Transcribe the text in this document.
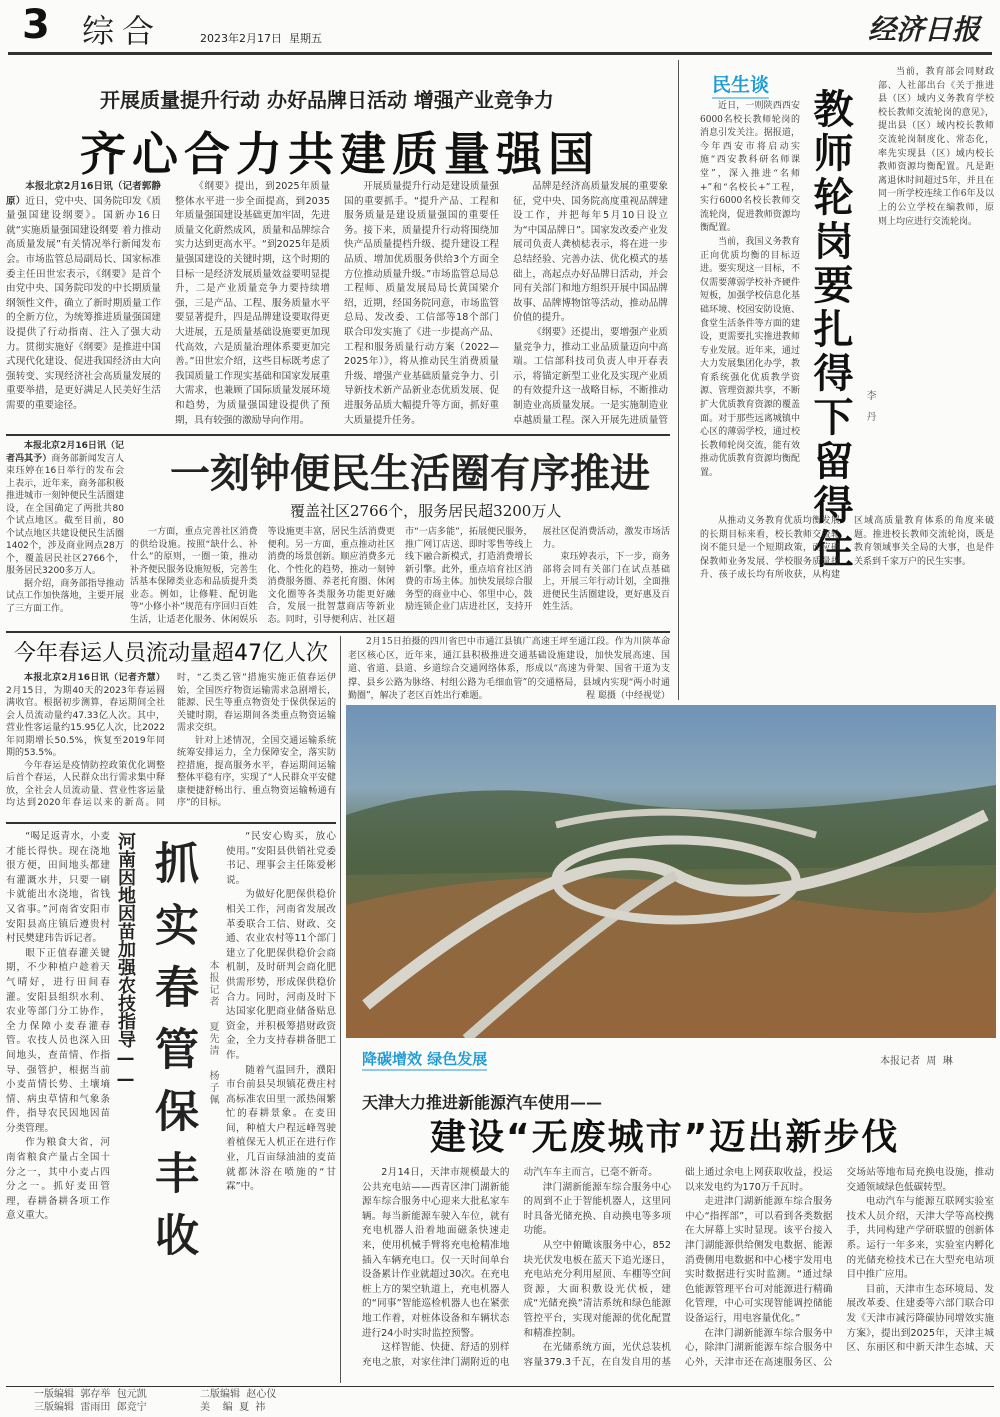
3 综合	2023年2月17日  星期五	经济日报
开展质量提升行动 办好品牌日活动 增强产业竞争力
齐心合力共建质量强国

本报北京2月16日讯（记者郭静原）近日，党中央、国务院印发《质量强国建设纲要》。国新办16日就“实施质量强国建设纲要 着力推动高质量发展”有关情况举行新闻发布会。市场监管总局副局长、国家标准委主任田世宏表示，《纲要》是首个由党中央、国务院印发的中长期质量纲领性文件，确立了新时期质量工作的全新方位，为统筹推进质量强国建设提供了行动指南、注入了强大动力。贯彻实施好《纲要》是推进中国式现代化建设、促进我国经济由大向强转变、实现经济社会高质量发展的重要举措，是更好满足人民美好生活需要的重要途径。

《纲要》提出，到2025年质量整体水平进一步全面提高，到2035年质量强国建设基础更加牢固，先进质量文化蔚然成风，质量和品牌综合实力达到更高水平。“到2025年是质量强国建设的关键时期，这个时期的目标一是经济发展质量效益要明显提升，二是产业质量竞争力要持续增强，三是产品、工程、服务质量水平要显著提升，四是品牌建设要取得更大进展，五是质量基础设施要更加现代高效，六是质量治理体系要更加完善。”田世宏介绍，这些目标既考虑了我国质量工作现实基础和国家发展重大需求，也兼顾了国际质量发展环境和趋势，为质量强国建设提供了预期，具有较强的激励导向作用。

开展质量提升行动是建设质量强国的重要抓手。“提升产品、工程和服务质量是建设质量强国的重要任务。接下来，质量提升行动将围绕加快产品质量提档升级、提升建设工程品质、增加优质服务供给3个方面全方位推动质量升级。”市场监管总局总工程师、质量发展局局长黄国梁介绍，近期，经国务院同意，市场监管总局、发改委、工信部等18个部门联合印发实施了《进一步提高产品、工程和服务质量行动方案（2022—2025年）》，将从推动民生消费质量升级、增强产业基础质量竞争力、引导新技术新产品新业态优质发展、促进服务品质大幅提升等方面，抓好重大质量提升任务。

品牌是经济高质量发展的重要象征，党中央、国务院高度重视品牌建设工作，并把每年5月10日设立为“中国品牌日”。国家发改委产业发展司负责人龚桢梽表示，将在进一步总结经验、完善办法、优化模式的基础上，高起点办好品牌日活动，并会同有关部门和地方组织开展中国品牌故事、品牌博物馆等活动，推动品牌价值的提升。

《纲要》还提出，要增强产业质量竞争力，推动工业品质量迈向中高端。工信部科技司负责人申开春表示，将锚定新型工业化及实现产业质的有效提升这一战略目标，不断推动制造业高质量发展。一是实施制造业卓越质量工程。深入开展先进质量管

本报北京2月16日讯（记者冯其予）商务部新闻发言人束珏婷在16日举行的发布会上表示，近年来，商务部积极推进城市一刻钟便民生活圈建设，在全国确定了两批共80个试点地区。截至目前，80个试点地区共建设便民生活圈1402个，涉及商业网点28万个，覆盖居民社区2766个，服务居民3200多万人。

据介绍，商务部指导推动试点工作加快落地，主要开展了三方面工作。

一刻钟便民生活圈有序推进
覆盖社区2766个，服务居民超3200万人

一方面，重点完善社区消费的供给设施。按照“缺什么、补什么”的原则，一圈一策，推动补齐便民服务设施短板，完善生活基本保障类业态和品质提升类业态。例如，让修鞋、配钥匙等“小修小补”规范有序回归百姓生活，让适老化服务、休闲娱乐等设施更丰富，居民生活消费更便利。另一方面，重点推动社区消费的场景创新。顺应消费多元化、个性化的趋势，推动一刻钟消费服务圈、养老托育圈、休闲文化圈等各类服务功能更好融合，发展一批智慧商店等新业态。同时，引导便利店、社区超市“一店多能”，拓展便民服务，推广网订店送、即时零售等线上线下融合新模式，打造消费增长新引擎。此外，重点培育社区消费的市场主体。加快发展综合服务型的商业中心、邻里中心，鼓励连锁企业门店进社区，支持开展社区促消费活动，激发市场活力。

束珏婷表示，下一步，商务部将会同有关部门在试点基础上，开展三年行动计划，全面推进便民生活圈建设，更好惠及百姓生活。

今年春运人员流动量超47亿人次

本报北京2月16日讯（记者齐慧）2月15日，为期40天的2023年春运圆满收官。根据初步测算，春运期间全社会人员流动量约47.33亿人次。其中，营业性客运量约15.95亿人次，比2022年同期增长50.5%，恢复至2019年同期的53.5%。

今年春运是疫情防控政策优化调整后首个春运，人民群众出行需求集中释放，全社会人员流动量、营业性客运量均达到2020年春运以来的新高。同时，“乙类乙管”措施实施正值春运伊始，全国医疗物资运输需求急剧增长，能源、民生等重点物资处于保供保运的关键时期，春运期间各类重点物资运输需求交织。

针对上述情况，全国交通运输系统统筹安排运力，全力保障安全，落实防控措施，提高服务水平，春运期间运输整体平稳有序，实现了“人民群众平安健康便捷舒畅出行、重点物资运输畅通有序”的目标。

2月15日拍摄的四川省巴中市通江县镇广高速王坪至通江段。作为川陕革命老区核心区，近年来，通江县积极推进交通基础设施建设，加快发展高速、国道、省道、县道、乡道综合交通网络体系，形成以“高速为骨架、国省干道为支撑、县乡公路为脉络、村组公路为毛细血管”的交通格局，县域内实现“两小时通勤圈”，解决了老区百姓出行难题。	程 聪摄（中经视觉）

民生谈
教师轮岗要扎得下留得住	李 丹

近日，一则陕西西安6000名校长教师轮岗的消息引发关注。据报道，今年西安市将启动实施“西安教科研名师课堂”，深入推进“名师+”和“名校长+”工程，实行6000名校长教师交流轮岗，促进教师资源均衡配置。

当前，我国义务教育正向优质均衡的目标迈进。要实现这一目标，不仅需要薄弱学校补齐硬件短板，加强学校信息化基础环境、校园安防设施、食堂生活条件等方面的建设，更需要扎实推进教师专业发展。近年来，通过大力发展集团化办学，教育系统强化优质教学资源、管理资源共享，不断扩大优质教育资源的覆盖面。对于那些远离城镇中心区的薄弱学校，通过校长教师轮岗交流，能有效推动优质教育资源均衡配置。

当前，教育部会同财政部、人社部出台《关于推进县（区）域内义务教育学校校长教师交流轮岗的意见》，提出县（区）域内校长教师交流轮岗制度化、常态化，率先实现县（区）域内校长教师资源均衡配置。凡是距离退休时间超过5年，并且在同一所学校连续工作6年及以上的公立学校在编教师，原则上均应进行交流轮岗。

从推动义务教育优质均衡发展的长期目标来看，校长教师交流轮岗不能只是一个短期政策，而应确保教师业务发展、学校服务质量提升、孩子成长均有所收获，从构建区域高质量教育体系的角度来破题。推进校长教师交流轮岗，既是教育领域事关全局的大事，也是件关系到千家万户的民生实事。

“喝足返青水，小麦才能长得快。现在浇地很方便，田间地头都建有灌溉水井，只要一刷卡就能出水浇地，省钱又省事。”河南省安阳市安阳县高庄镇后遵贵村村民樊建玮告诉记者。

眼下正值春灌关键期，不少种植户趁着天气晴好，进行田间春灌。安阳县组织水利、农业等部门分工协作，全力保障小麦春灌春管。农技人员也深入田间地头，查苗情、作指导、强管护，根据当前小麦苗情长势、土壤墒情、病虫草情和气象条件，指导农民因地因苗分类管理。

作为粮食大省，河南省粮食产量占全国十分之一，其中小麦占四分之一。抓好麦田管理，春耕备耕各项工作意义重大。

河南因地因苗加强农技指导—— 抓实春管保丰收 本报记者 夏先清 杨子佩

“民安心购买，放心使用。”安阳县供销社党委书记、理事会主任陈爱彬说。

为做好化肥保供稳价相关工作，河南省发展改革委联合工信、财政、交通、农业农村等11个部门建立了化肥保供稳价会商机制，及时研判会商化肥供需形势，形成保供稳价合力。同时，河南及时下达国家化肥商业储备贴息资金，并积极筹措财政资金，全力支持春耕备肥工作。

随着气温回升，濮阳市台前县吴坝镇花费庄村高标准农田里一派热闹繁忙的春耕景象。在麦田间，种植大户程远峰驾驶着植保无人机正在进行作业，几百亩绿油油的麦苗就都沐浴在喷施的“甘霖”中。

降碳增效 绿色发展	本报记者  周  琳
天津大力推进新能源汽车使用——
建设“无废城市”迈出新步伐

2月14日，天津市规模最大的公共充电站——西青区津门湖新能源车综合服务中心迎来大批私家车辆。每当新能源车驶入车位，就有充电机器人沿着地面磁条快速走来，使用机械手臂将充电枪精准地插入车辆充电口。仅一天时间单台设备累计作业就超过30次。在充电桩上方的架空轨道上，充电机器人的“同事”智能巡检机器人也在紧张地工作着，对桩体设备和车辆状态进行24小时实时监控预警。

这样智能、快捷、舒适的别样充电之旅，对家住津门湖附近的电动汽车车主而言，已毫不新奇。

津门湖新能源车综合服务中心的周到不止于智能机器人，这里同时具备光储充换、自动换电等多项功能。

从空中俯瞰该服务中心，852块光伏发电板在蓝天下追光逐日，充电站充分利用屋顶、车棚等空间资源，大面积敷设光伏板，建成“光储充换”清洁系统和绿色能源管控平台，实现对能源的优化配置和精准控制。

在光储系统方面，光伏总装机容量379.3千瓦，在自发自用的基础上通过余电上网获取收益，投运以来发电约为170万千瓦时。

走进津门湖新能源车综合服务中心“指挥部”，可以看到各类数据在大屏幕上实时显现。该平台接入津门湖能源供给侧发电数据、能源消费侧用电数据和中心楼宇发用电实时数据进行实时监测。“通过绿色能源管理平台可对能源进行精确化管理，中心可实现智能调控储能设备运行，用电容量优化。”

在津门湖新能源车综合服务中心，除津门湖新能源车综合服务中心外，天津市还在高速服务区、公交场站等地布局充换电设施，推动交通领域绿色低碳转型。

电动汽车与能源互联网实验室技术人员介绍，天津大学等高校携手，共同构建产学研联盟的创新体系。运行一年多来，实验室内孵化的光储充检技术已在大型充电站项目中推广应用。

目前，天津市生态环境局、发展改革委、住建委等六部门联合印发《天津市减污降碳协同增效实施方案》，提出到2025年，天津主城区、东丽区和中新天津生态城、天

一版编辑 郭存举  包元凯
三版编辑 雷雨田  郎竞宁
二版编辑 赵心仪
美    编 夏  祎
